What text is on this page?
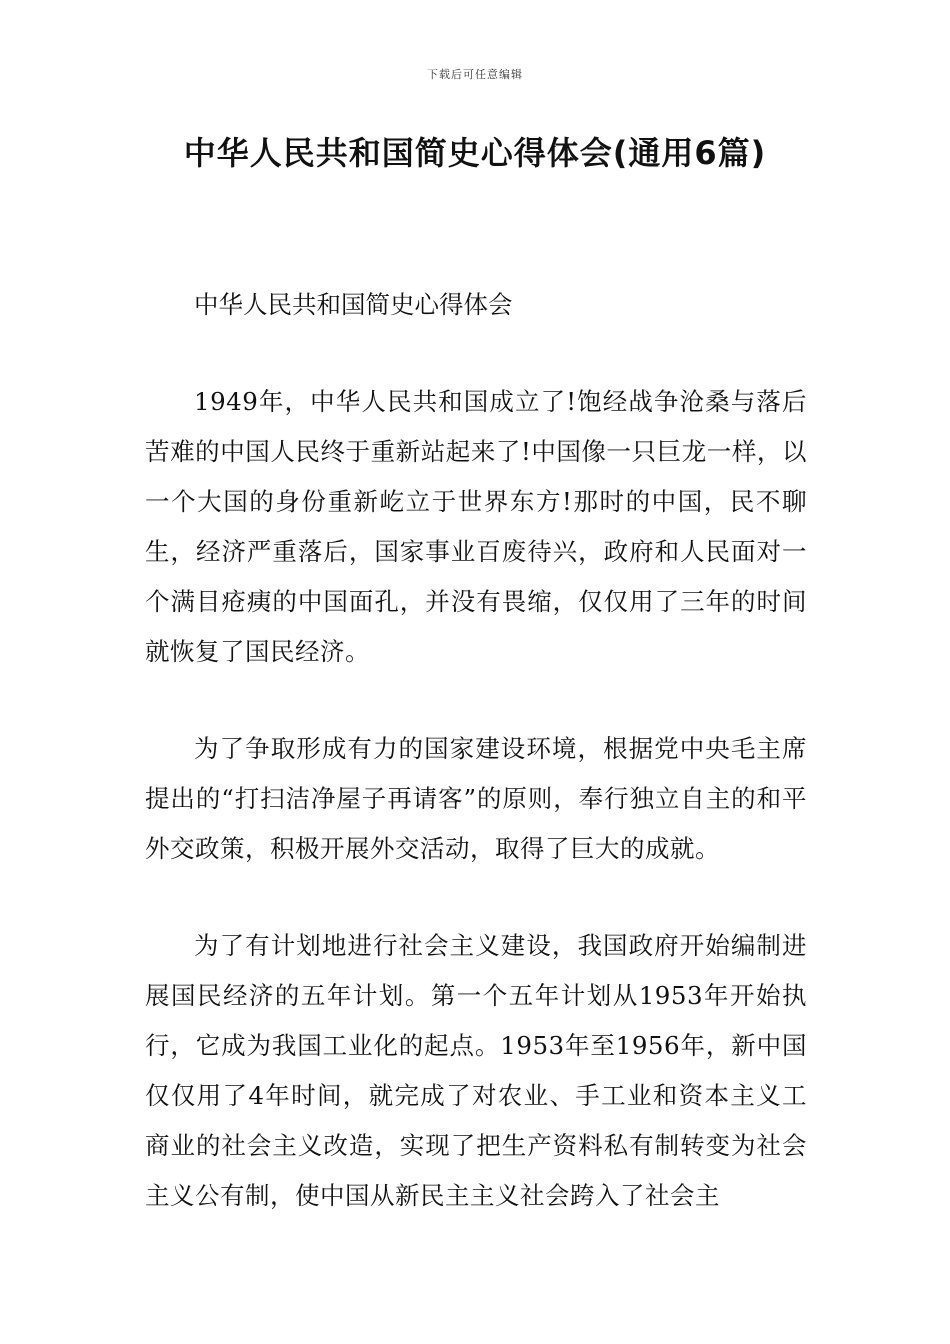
下载后可任意编辑
中华人民共和国简史心得体会(通用6篇)

中华人民共和国简史心得体会

1949年，中华人民共和国成立了!饱经战争沧桑与落后苦难的中国人民终于重新站起来了!中国像一只巨龙一样，以一个大国的身份重新屹立于世界东方!那时的中国，民不聊生，经济严重落后，国家事业百废待兴，政府和人民面对一个满目疮痍的中国面孔，并没有畏缩，仅仅用了三年的时间就恢复了国民经济。

为了争取形成有力的国家建设环境，根据党中央毛主席提出的“打扫洁净屋子再请客”的原则，奉行独立自主的和平外交政策，积极开展外交活动，取得了巨大的成就。

为了有计划地进行社会主义建设，我国政府开始编制进展国民经济的五年计划。第一个五年计划从1953年开始执行，它成为我国工业化的起点。1953年至1956年，新中国仅仅用了4年时间，就完成了对农业、手工业和资本主义工商业的社会主义改造，实现了把生产资料私有制转变为社会主义公有制，使中国从新民主主义社会跨入了社会主
